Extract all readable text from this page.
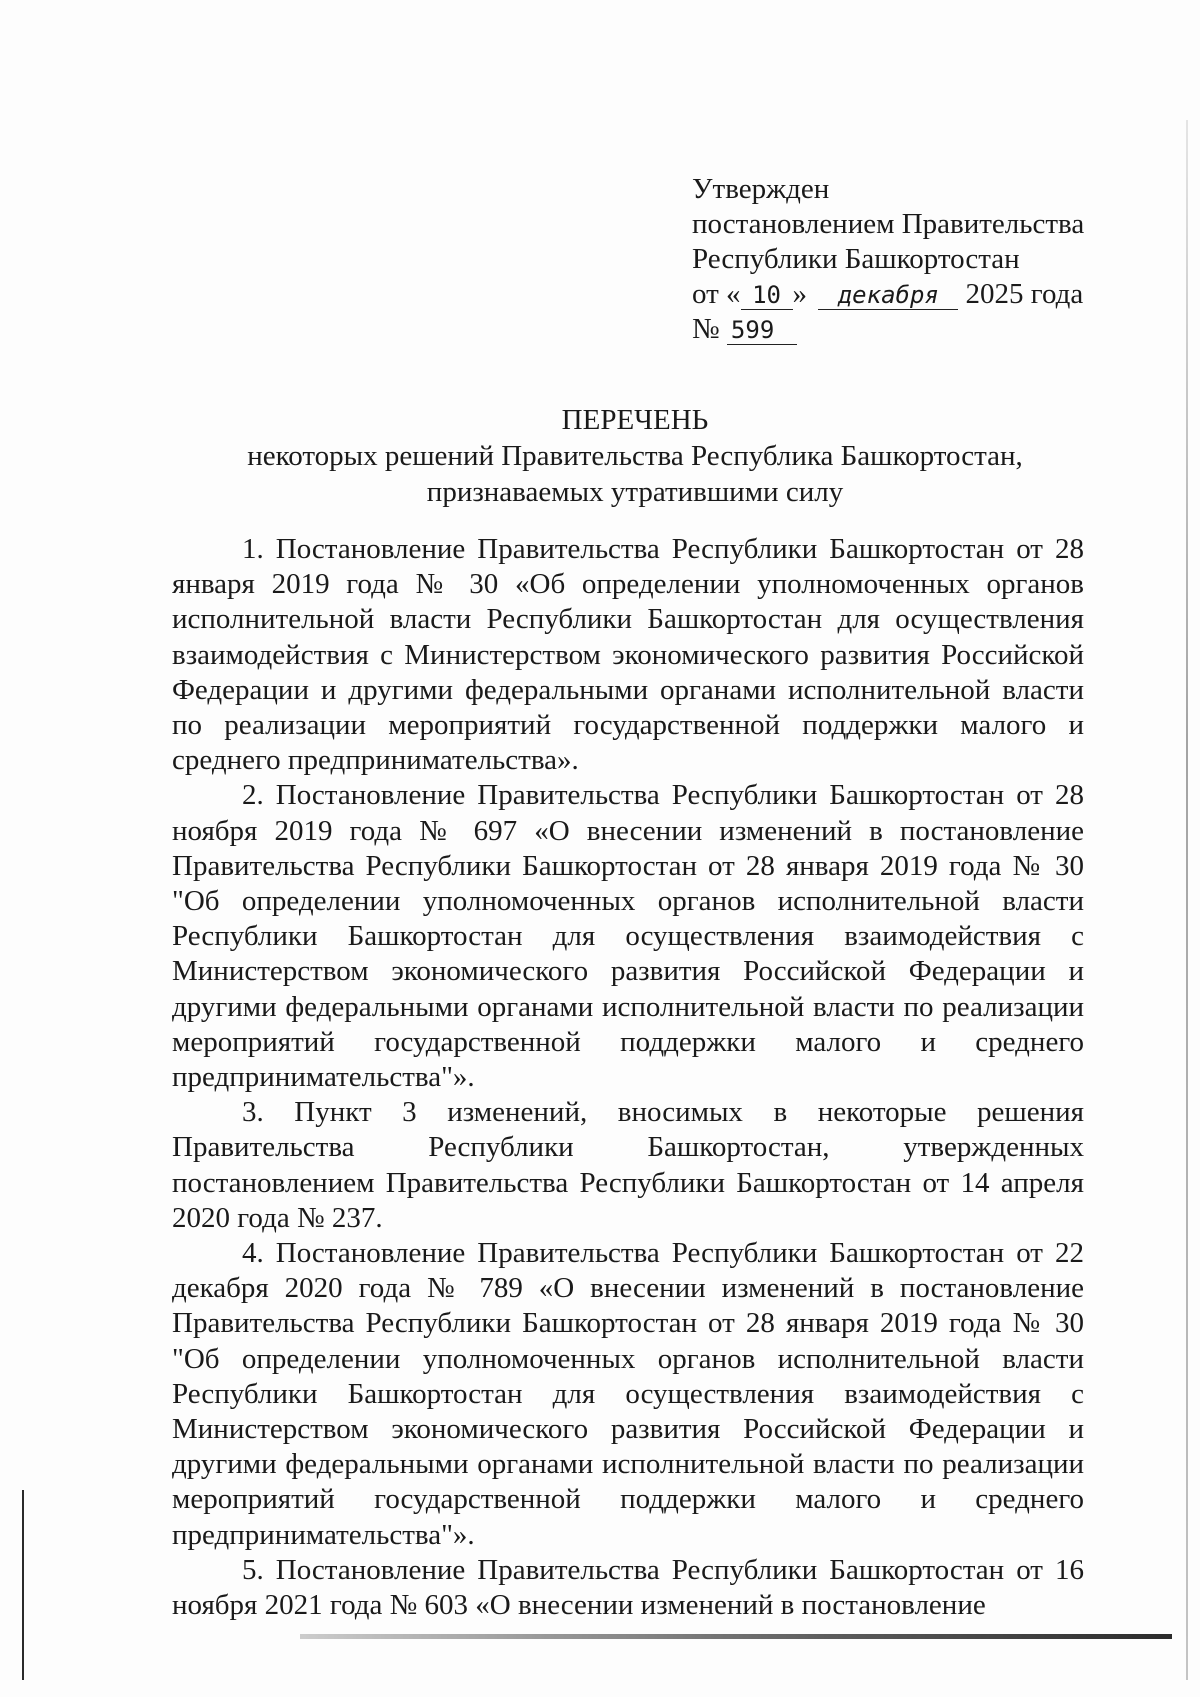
Утвержден
постановлением Правительства
Республики Башкортостан
от « 10 » декабря 2025 года
№ 599
ПЕРЕЧЕНЬ
некоторых решений Правительства Республика Башкортостан,
признаваемых утратившими силу

1. Постановление Правительства Республики Башкортостан от 28 января 2019 года № 30 «Об определении уполномоченных органов исполнительной власти Республики Башкортостан для осуществления взаимодействия с Министерством экономического развития Российской Федерации и другими федеральными органами исполнительной власти по реализации мероприятий государственной поддержки малого и среднего предпринимательства».

2. Постановление Правительства Республики Башкортостан от 28 ноября 2019 года № 697 «О внесении изменений в постановление Правительства Республики Башкортостан от 28 января 2019 года № 30 "Об определении уполномоченных органов исполнительной власти Республики Башкортостан для осуществления взаимодействия с Министерством экономического развития Российской Федерации и другими федеральными органами исполнительной власти по реализации мероприятий государственной поддержки малого и среднего предпринимательства"».

3. Пункт 3 изменений, вносимых в некоторые решения Правительства Республики Башкортостан, утвержденных постановлением Правительства Республики Башкортостан от 14 апреля 2020 года № 237.

4. Постановление Правительства Республики Башкортостан от 22 декабря 2020 года № 789 «О внесении изменений в постановление Правительства Республики Башкортостан от 28 января 2019 года № 30 "Об определении уполномоченных органов исполнительной власти Республики Башкортостан для осуществления взаимодействия с Министерством экономического развития Российской Федерации и другими федеральными органами исполнительной власти по реализации мероприятий государственной поддержки малого и среднего предпринимательства"».

5. Постановление Правительства Республики Башкортостан от 16 ноября 2021 года № 603 «О внесении изменений в постановление
